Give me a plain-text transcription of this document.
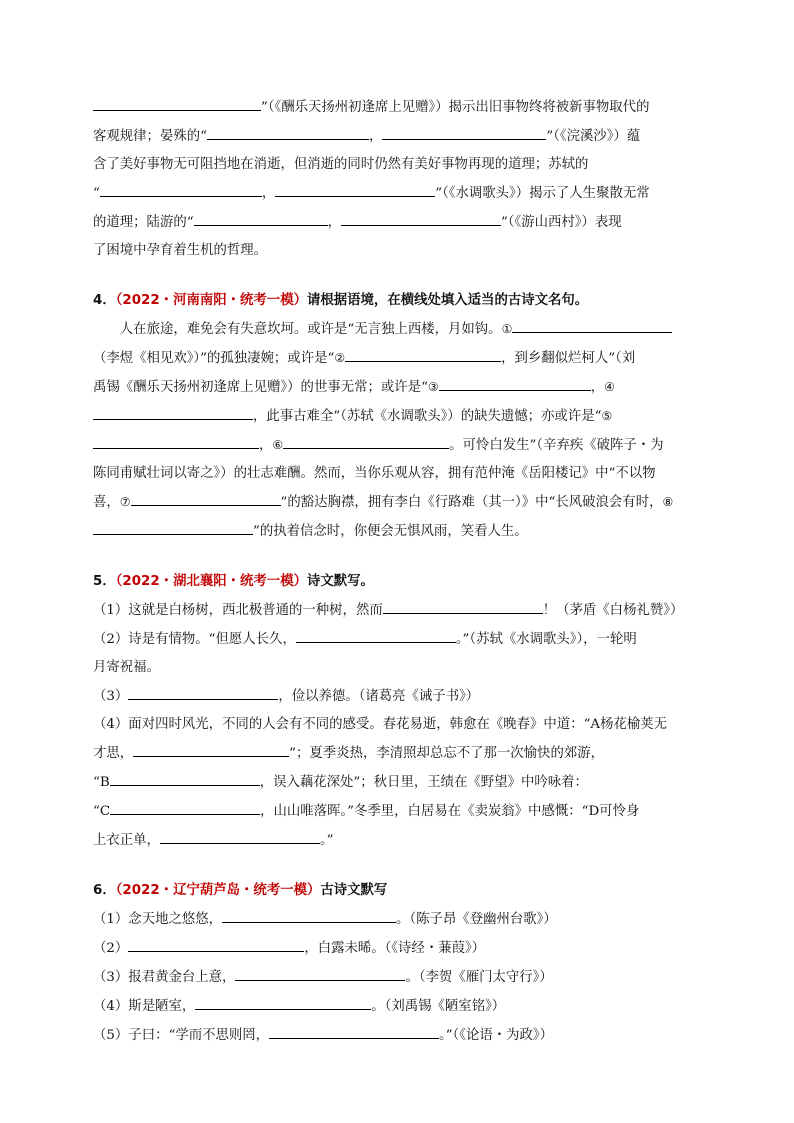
”（《酬乐天扬州初逢席上见赠》）揭示出旧事物终将被新事物取代的

客观规律；晏殊的“	，	”（《浣溪沙》）蕴

含了美好事物无可阻挡地在消逝，但消逝的同时仍然有美好事物再现的道理；苏轼的

“	，	”（《水调歌头》）揭示了人生聚散无常

的道理；陆游的“	，	”（《游山西村》）表现

了困境中孕育着生机的哲理。

4．（2022・河南南阳・统考一模）请根据语境，在横线处填入适当的古诗文名句。

人在旅途，难免会有失意坎坷。或许是“无言独上西楼，月如钩。①

（李煜《相见欢》）”的孤独凄婉；或许是“②	，到乡翻似烂柯人”（刘

禹锡《酬乐天扬州初逢席上见赠》）的世事无常；或许是“③	，④

，此事古难全”（苏轼《水调歌头》）的缺失遗憾；亦或许是“⑤

，⑥	。可怜白发生”（辛弃疾《破阵子・为

陈同甫赋壮词以寄之》）的壮志难酬。然而，当你乐观从容，拥有范仲淹《岳阳楼记》中“不以物

喜，⑦	”的豁达胸襟，拥有李白《行路难（其一）》中“长风破浪会有时，⑧

”的执着信念时，你便会无惧风雨，笑看人生。

5．（2022・湖北襄阳・统考一模）诗文默写。

（1）这就是白杨树，西北极普通的一种树，然而	！（茅盾《白杨礼赞》）

（2）诗是有情物。“但愿人长久，	。”（苏轼《水调歌头》），一轮明

月寄祝福。

（3）	，俭以养德。（诸葛亮《诫子书》）

（4）面对四时风光，不同的人会有不同的感受。春花易逝，韩愈在《晚春》中道：“A杨花榆荚无

才思，	”；夏季炎热，李清照却总忘不了那一次愉快的郊游，

“B	，误入藕花深处”；秋日里，王绩在《野望》中吟咏着：

“C	，山山唯落晖。”冬季里，白居易在《卖炭翁》中感慨：“D可怜身

上衣正单，	。”

6．（2022・辽宁葫芦岛・统考一模）古诗文默写

（1）念天地之悠悠，	。（陈子昂《登幽州台歌》）

（2）	，白露未晞。（《诗经・蒹葭》）

（3）报君黄金台上意，	。（李贺《雁门太守行》）

（4）斯是陋室，	。（刘禹锡《陋室铭》）

（5）子曰：“学而不思则罔，	。”（《论语・为政》）
